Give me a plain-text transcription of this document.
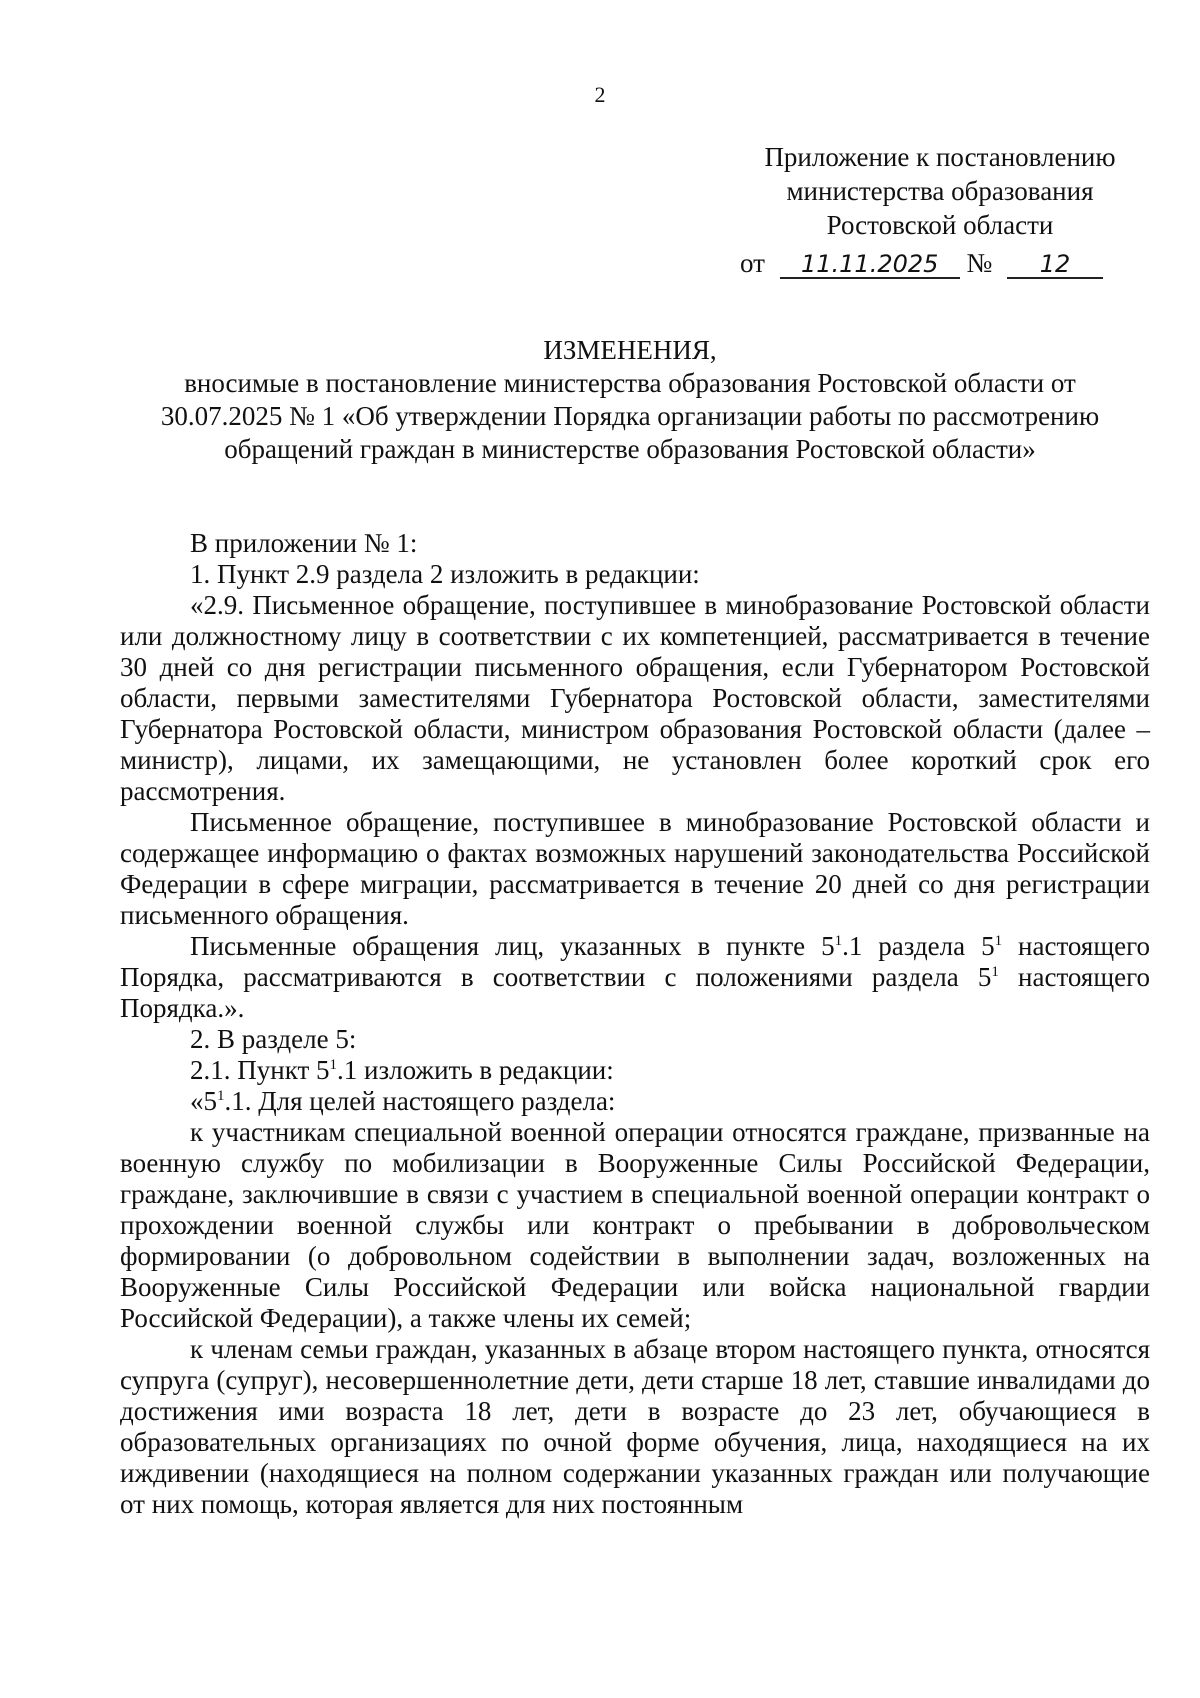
2
Приложение к постановлению
министерства образования
Ростовской области
от 11.11.2025 № 12
ИЗМЕНЕНИЯ,
вносимые в постановление министерства образования Ростовской области от 30.07.2025 № 1 «Об утверждении Порядка организации работы по рассмотрению обращений граждан в министерстве образования Ростовской области»

В приложении № 1:

1. Пункт 2.9 раздела 2 изложить в редакции:

«2.9. Письменное обращение, поступившее в минобразование Ростовской области или должностному лицу в соответствии с их компетенцией, рассматривается в течение 30 дней со дня регистрации письменного обращения, если Губернатором Ростовской области, первыми заместителями Губернатора Ростовской области, заместителями Губернатора Ростовской области, министром образования Ростовской области (далее – министр), лицами, их замещающими, не установлен более короткий срок его рассмотрения.

Письменное обращение, поступившее в минобразование Ростовской области и содержащее информацию о фактах возможных нарушений законодательства Российской Федерации в сфере миграции, рассматривается в течение 20 дней со дня регистрации письменного обращения.

Письменные обращения лиц, указанных в пункте $5^1.1$ раздела $5^1$ настоящего Порядка, рассматриваются в соответствии с положениями раздела $5^1$ настоящего Порядка.».

2. В разделе 5:

2.1. Пункт $5^1.1$ изложить в редакции:

«$5^1.1$. Для целей настоящего раздела:

к участникам специальной военной операции относятся граждане, призванные на военную службу по мобилизации в Вооруженные Силы Российской Федерации, граждане, заключившие в связи с участием в специальной военной операции контракт о прохождении военной службы или контракт о пребывании в добровольческом формировании (о добровольном содействии в выполнении задач, возложенных на Вооруженные Силы Российской Федерации или войска национальной гвардии Российской Федерации), а также члены их семей;

к членам семьи граждан, указанных в абзаце втором настоящего пункта, относятся супруга (супруг), несовершеннолетние дети, дети старше 18 лет, ставшие инвалидами до достижения ими возраста 18 лет, дети в возрасте до 23 лет, обучающиеся в образовательных организациях по очной форме обучения, лица, находящиеся на их иждивении (находящиеся на полном содержании указанных граждан или получающие от них помощь, которая является для них постоянным
